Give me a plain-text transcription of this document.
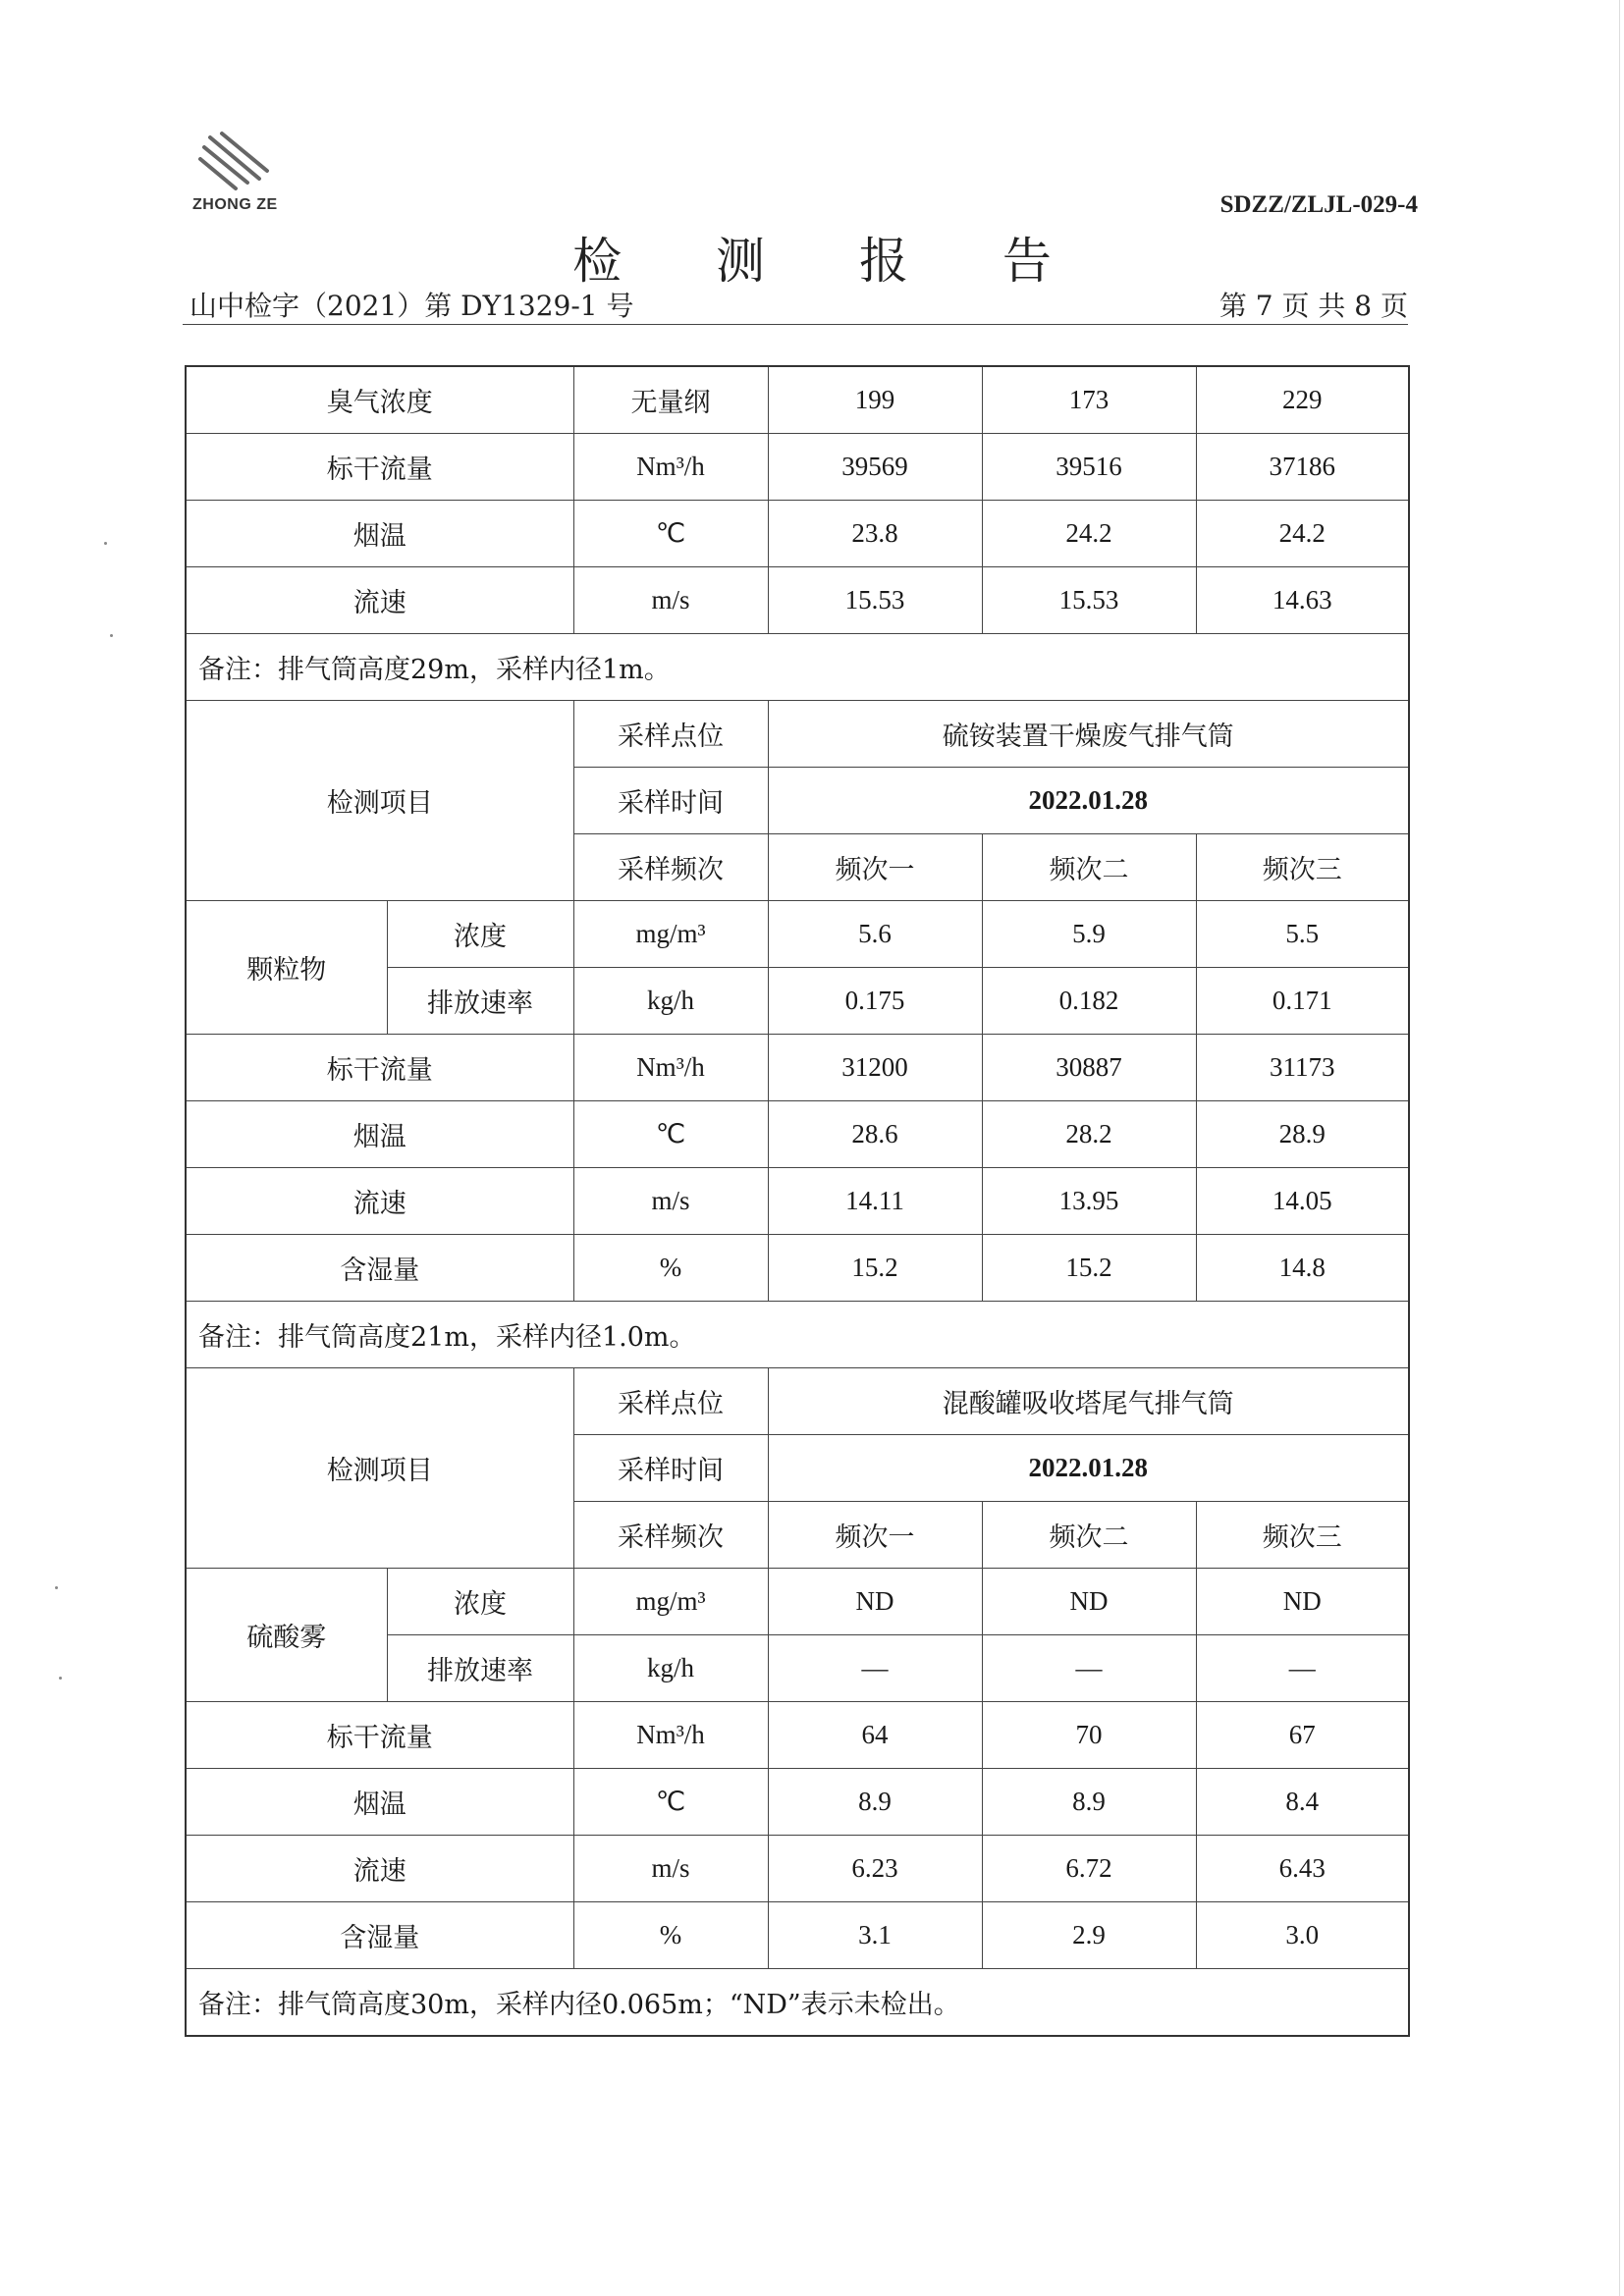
ZHONG ZE	SDZZ/ZLJL-029-4
检 测 报 告
山中检字（2021）第 DY1329-1 号	第 7 页 共 8 页
臭气浓度		无量纲	199	173	229
标干流量		Nm³/h	39569	39516	37186
烟温		℃	23.8	24.2	24.2
流速		m/s	15.53	15.53	14.63
备注：排气筒高度29m，采样内径1m。					
检测项目		采样点位	硫铵装置干燥废气排气筒		
		采样时间	2022.01.28		
		采样频次	频次一	频次二	频次三
颗粒物	浓度	mg/m³	5.6	5.9	5.5
	排放速率	kg/h	0.175	0.182	0.171
标干流量		Nm³/h	31200	30887	31173
烟温		℃	28.6	28.2	28.9
流速		m/s	14.11	13.95	14.05
含湿量		%	15.2	15.2	14.8
备注：排气筒高度21m，采样内径1.0m。					
检测项目		采样点位	混酸罐吸收塔尾气排气筒		
		采样时间	2022.01.28		
		采样频次	频次一	频次二	频次三
硫酸雾	浓度	mg/m³	ND	ND	ND
	排放速率	kg/h	—	—	—
标干流量		Nm³/h	64	70	67
烟温		℃	8.9	8.9	8.4
流速		m/s	6.23	6.72	6.43
含湿量		%	3.1	2.9	3.0
备注：排气筒高度30m，采样内径0.065m；“ND”表示未检出。					
